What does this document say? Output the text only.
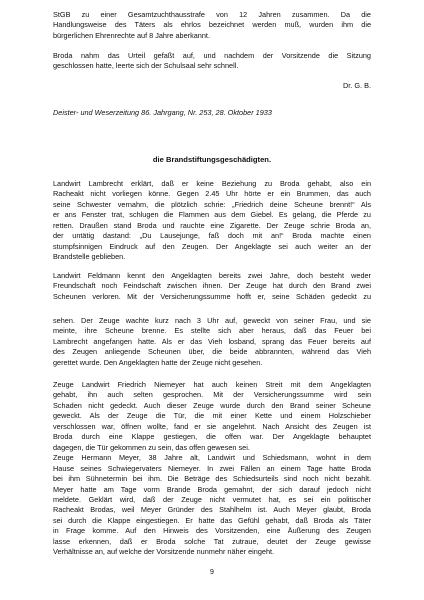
StGB zu einer Gesamtzuchthausstrafe von 12 Jahren zusammen. Da die
Handlungsweise des Täters als ehrlos bezeichnet werden muß, wurden ihm die
bürgerlichen Ehrenrechte auf 8 Jahre aberkannt.
Broda nahm das Urteil gefaßt auf, und nachdem der Vorsitzende die Sitzung
geschlossen hatte, leerte sich der Schulsaal sehr schnell.

Dr. G. B.

Deister- und Weserzeitung 86. Jahrgang, Nr. 253, 28. Oktober 1933

die Brandstiftungsgeschädigten.

Landwirt Lambrecht erklärt, daß er keine Beziehung zu Broda gehabt, also ein
Racheakt nicht vorliegen könne. Gegen 2.45 Uhr hörte er ein Brummen, das auch
seine Schwester vernahm, die plötzlich schrie: „Friedrich deine Scheune brennt!“ Als
er ans Fenster trat, schlugen die Flammen aus dem Giebel. Es gelang, die Pferde zu
retten. Draußen stand Broda und rauchte eine Zigarette. Der Zeuge schrie Broda an,
der untätig dastand: „Du Lausejunge, faß doch mit an!“ Broda machte einen
stumpfsinnigen Eindruck auf den Zeugen. Der Angeklagte sei auch weiter an der
Brandstelle geblieben.
Landwirt Feldmann kennt den Angeklagten bereits zwei Jahre, doch besteht weder
Freundschaft noch Feindschaft zwischen ihnen. Der Zeuge hat durch den Brand zwei
Scheunen verloren. Mit der Versicherungssumme hofft er, seine Schäden gedeckt zu
sehen. Der Zeuge wachte kurz nach 3 Uhr auf, geweckt von seiner Frau, und sie
meinte, ihre Scheune brenne. Es stellte sich aber heraus, daß das Feuer bei
Lambrecht angefangen hatte. Als er das Vieh losband, sprang das Feuer bereits auf
des Zeugen anliegende Scheunen über, die beide abbrannten, während das Vieh
gerettet wurde. Den Angeklagten hatte der Zeuge nicht gesehen.
Zeuge Landwirt Friedrich Niemeyer hat auch keinen Streit mit dem Angeklagten
gehabt, ihn auch selten gesprochen. Mit der Versicherungssumme wird sein
Schaden nicht gedeckt. Auch dieser Zeuge wurde durch den Brand seiner Scheune
geweckt. Als der Zeuge die Tür, die mit einer Kette und einem Holzschieber
verschlossen war, öffnen wollte, fand er sie angelehnt. Nach Ansicht des Zeugen ist
Broda durch eine Klappe gestiegen, die offen war. Der Angeklagte behauptet
dagegen, die Tür gekommen zu sein, das offen gewesen sei.
Zeuge Hermann Meyer, 38 Jahre alt, Landwirt und Schiedsmann, wohnt in dem
Hause seines Schwiegervaters Niemeyer. In zwei Fällen an einem Tage hatte Broda
bei ihm Sühnetermin bei ihm. Die Beträge des Schiedsurteils sind noch nicht bezahlt.
Meyer hatte am Tage vorm Brande Broda gemahnt, der sich darauf jedoch nicht
meldete. Geklärt wird, daß der Zeuge nicht vermutet hat, es sei ein politischer
Racheakt Brodas, weil Meyer Gründer des Stahlhelm ist. Auch Meyer glaubt, Broda
sei durch die Klappe eingestiegen. Er hatte das Gefühl gehabt, daß Broda als Täter
in Frage komme. Auf den Hinweis des Vorsitzenden, eine Äußerung des Zeugen
lasse erkennen, daß er Broda solche Tat zutraue, deutet der Zeuge gewisse
Verhältnisse an, auf welche der Vorsitzende nunmehr näher eingeht.

9
